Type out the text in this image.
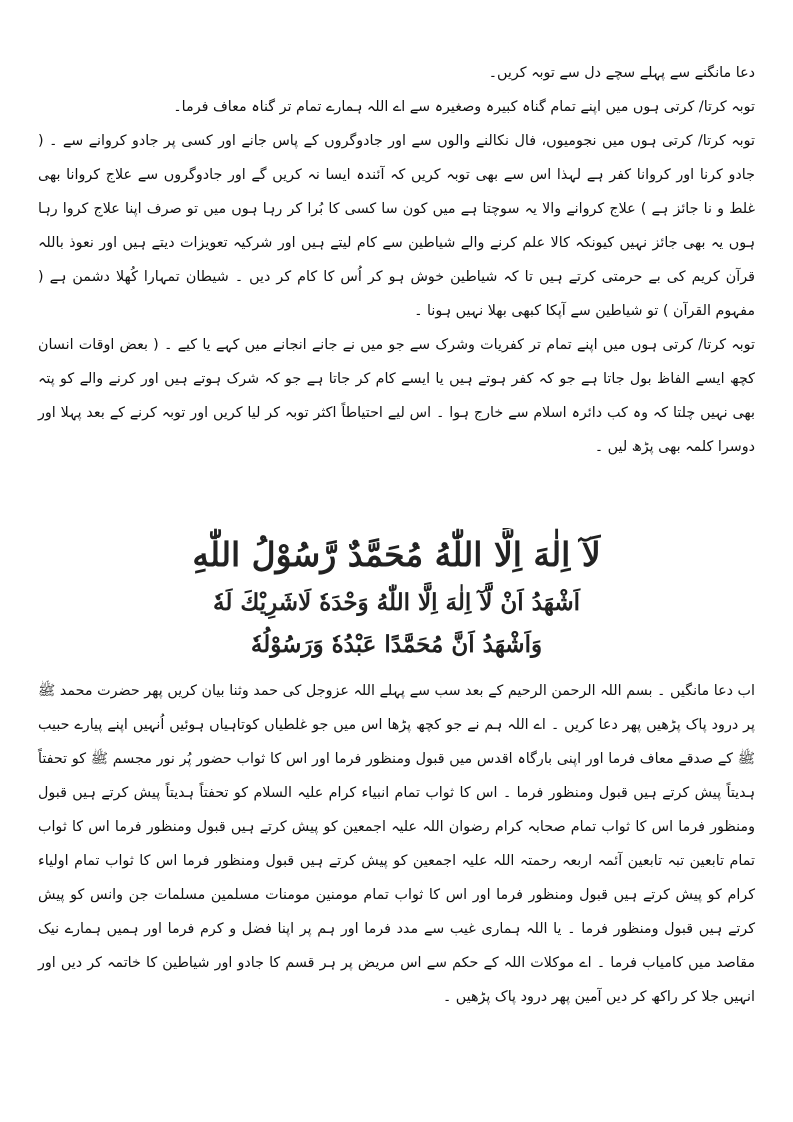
دعا مانگنے سے پہلے سچے دل سے توبہ کریں۔

توبہ کرتا/ کرتی ہوں میں اپنے تمام گناہ کبیرہ وصغیرہ سے اے اللہ ہمارے تمام تر گناہ معاف فرما۔

توبہ کرتا/ کرتی ہوں میں نجومیوں، فال نکالنے والوں سے اور جادوگروں کے پاس جانے اور کسی پر جادو کروانے سے ۔ ( جادو کرنا اور کروانا کفر ہے لہذا اس سے بھی توبہ کریں کہ آئندہ ایسا نہ کریں گے اور جادوگروں سے علاج کروانا بھی غلط و نا جائز ہے ) علاج کروانے والا یہ سوچتا ہے میں کون سا کسی کا بُرا کر رہا ہوں میں تو صرف اپنا علاج کروا رہا ہوں یہ بھی جائز نہیں کیونکہ کالا علم کرنے والے شیاطین سے کام لیتے ہیں اور شرکیہ تعویزات دیتے ہیں اور نعوذ باللہ قرآن کریم کی بے حرمتی کرتے ہیں تا کہ شیاطین خوش ہو کر اُس کا کام کر دیں ۔ شیطان تمہارا کُھلا دشمن ہے ( مفہوم القرآن ) تو شیاطین سے آپکا کبھی بھلا نہیں ہونا ۔

توبہ کرتا/ کرتی ہوں میں اپنے تمام تر کفریات وشرک سے جو میں نے جانے انجانے میں کہے یا کیے ۔ ( بعض اوقات انسان کچھ ایسے الفاظ بول جاتا ہے جو کہ کفر ہوتے ہیں یا ایسے کام کر جاتا ہے جو کہ شرک ہوتے ہیں اور کرنے والے کو پتہ بھی نہیں چلتا کہ وہ کب دائرہ اسلام سے خارج ہوا ۔ اس لیے احتیاطاً اکثر توبہ کر لیا کریں اور توبہ کرنے کے بعد پہلا اور دوسرا کلمہ بھی پڑھ لیں ۔

لَآ اِلٰهَ اِلَّا اللّٰهُ مُحَمَّدٌ رَّسُوْلُ اللّٰهِ
اَشْهَدُ اَنْ لَّآ اِلٰهَ اِلَّا اللّٰهُ وَحْدَهٗ لَاشَرِيْكَ لَهٗ
وَاَشْهَدُ اَنَّ مُحَمَّدًا عَبْدُهٗ وَرَسُوْلُهٗ

اب دعا مانگیں ۔ بسم اللہ الرحمن الرحیم کے بعد سب سے پہلے اللہ عزوجل کی حمد وثنا بیان کریں پھر حضرت محمد ﷺ پر درود پاک پڑھیں پھر دعا کریں ۔ اے اللہ ہم نے جو کچھ پڑھا اس میں جو غلطیاں کوتاہیاں ہوئیں اُنہیں اپنے پیارے حبیب ﷺ کے صدقے معاف فرما اور اپنی بارگاہ اقدس میں قبول ومنظور فرما اور اس کا ثواب حضور پُر نور مجسم ﷺ کو تحفتاً ہدیتاً پیش کرتے ہیں قبول ومنظور فرما ۔ اس کا ثواب تمام انبیاء کرام علیہ السلام کو تحفتاً ہدیتاً پیش کرتے ہیں قبول ومنظور فرما اس کا ثواب تمام صحابہ کرام رضوان اللہ علیہ اجمعین کو پیش کرتے ہیں قبول ومنظور فرما اس کا ثواب تمام تابعین تبہ تابعین آئمہ اربعہ رحمتہ اللہ علیہ اجمعین کو پیش کرتے ہیں قبول ومنظور فرما اس کا ثواب تمام اولیاء کرام کو پیش کرتے ہیں قبول ومنظور فرما اور اس کا ثواب تمام مومنین مومنات مسلمین مسلمات جن وانس کو پیش کرتے ہیں قبول ومنظور فرما ۔ یا اللہ ہماری غیب سے مدد فرما اور ہم پر اپنا فضل و کرم فرما اور ہمیں ہمارے نیک مقاصد میں کامیاب فرما ۔ اے موکلات اللہ کے حکم سے اس مریض پر ہر قسم کا جادو اور شیاطین کا خاتمہ کر دیں اور انہیں جلا کر راکھ کر دیں آمین پھر درود پاک پڑھیں ۔
